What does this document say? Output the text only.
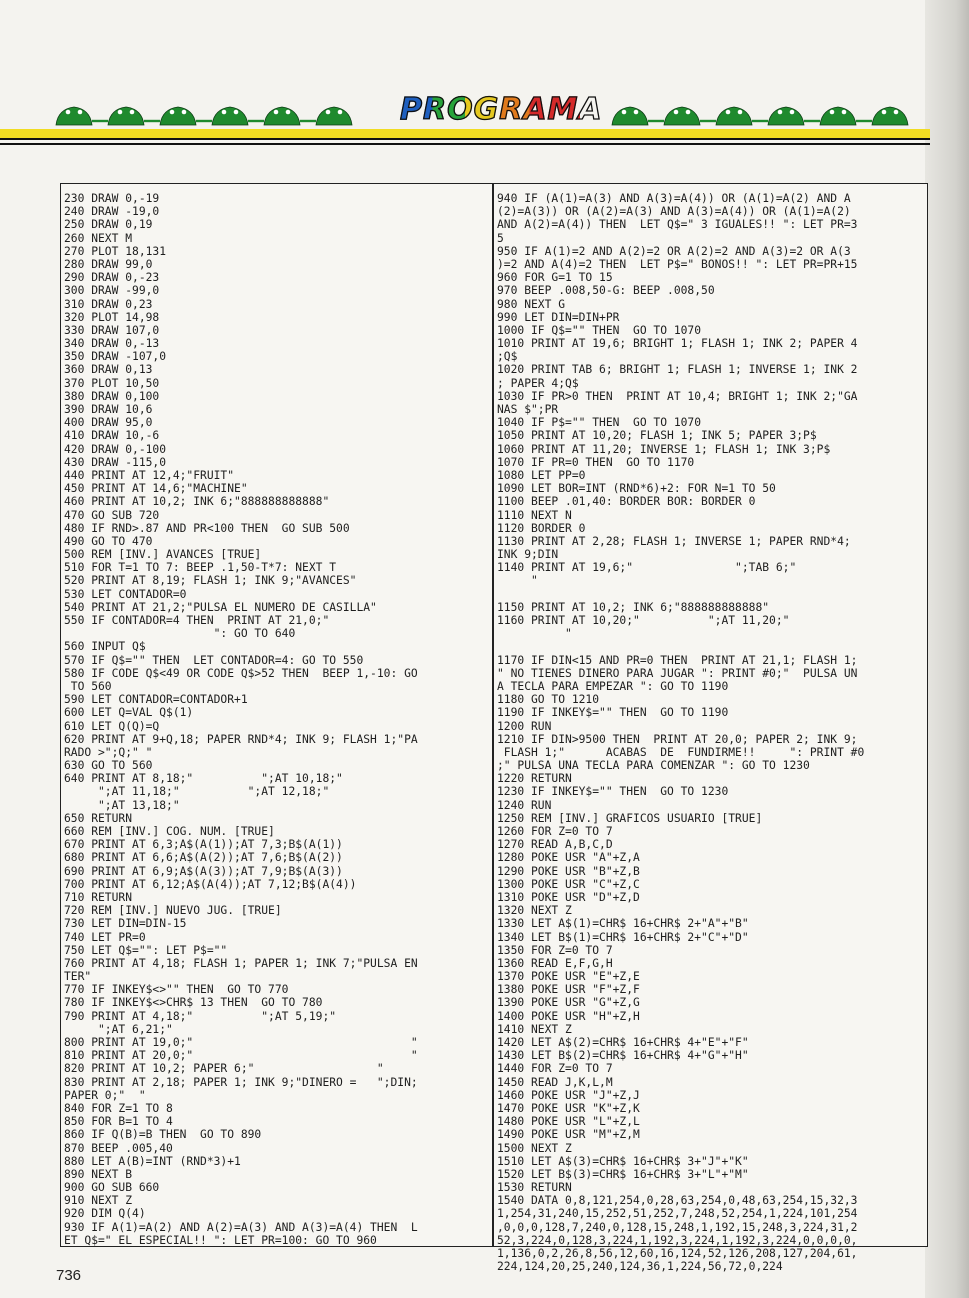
PROGRAMA
230 DRAW 0,-19
240 DRAW -19,0
250 DRAW 0,19
260 NEXT M
270 PLOT 18,131
280 DRAW 99,0
290 DRAW 0,-23
300 DRAW -99,0
310 DRAW 0,23
320 PLOT 14,98
330 DRAW 107,0
340 DRAW 0,-13
350 DRAW -107,0
360 DRAW 0,13
370 PLOT 10,50
380 DRAW 0,100
390 DRAW 10,6
400 DRAW 95,0
410 DRAW 10,-6
420 DRAW 0,-100
430 DRAW -115,0
440 PRINT AT 12,4;"FRUIT"
450 PRINT AT 14,6;"MACHINE"
460 PRINT AT 10,2; INK 6;"888888888888"
470 GO SUB 720
480 IF RND>.87 AND PR<100 THEN  GO SUB 500
490 GO TO 470
500 REM [INV.] AVANCES [TRUE]
510 FOR T=1 TO 7: BEEP .1,50-T*7: NEXT T
520 PRINT AT 8,19; FLASH 1; INK 9;"AVANCES"
530 LET CONTADOR=0
540 PRINT AT 21,2;"PULSA EL NUMERO DE CASILLA"
550 IF CONTADOR=4 THEN  PRINT AT 21,0;"
": GO TO 640
560 INPUT Q$
570 IF Q$="" THEN  LET CONTADOR=4: GO TO 550
580 IF CODE Q$<49 OR CODE Q$>52 THEN  BEEP 1,-10: GO
TO 560
590 LET CONTADOR=CONTADOR+1
600 LET Q=VAL Q$(1)
610 LET Q(Q)=Q
620 PRINT AT 9+Q,18; PAPER RND*4; INK 9; FLASH 1;"PA
RADO >";Q;" "
630 GO TO 560
640 PRINT AT 8,18;"          ";AT 10,18;"
";AT 11,18;"          ";AT 12,18;"
";AT 13,18;"
650 RETURN
660 REM [INV.] COG. NUM. [TRUE]
670 PRINT AT 6,3;A$(A(1));AT 7,3;B$(A(1))
680 PRINT AT 6,6;A$(A(2));AT 7,6;B$(A(2))
690 PRINT AT 6,9;A$(A(3));AT 7,9;B$(A(3))
700 PRINT AT 6,12;A$(A(4));AT 7,12;B$(A(4))
710 RETURN
720 REM [INV.] NUEVO JUG. [TRUE]
730 LET DIN=DIN-15
740 LET PR=0
750 LET Q$="": LET P$=""
760 PRINT AT 4,18; FLASH 1; PAPER 1; INK 7;"PULSA EN
TER"
770 IF INKEY$<>"" THEN  GO TO 770
780 IF INKEY$<>CHR$ 13 THEN  GO TO 780
790 PRINT AT 4,18;"          ";AT 5,19;"
";AT 6,21;"
800 PRINT AT 19,0;"                                "
810 PRINT AT 20,0;"                                "
820 PRINT AT 10,2; PAPER 6;"                  "
830 PRINT AT 2,18; PAPER 1; INK 9;"DINERO =   ";DIN;
PAPER 0;"  "
840 FOR Z=1 TO 8
850 FOR B=1 TO 4
860 IF Q(B)=B THEN  GO TO 890
870 BEEP .005,40
880 LET A(B)=INT (RND*3)+1
890 NEXT B
900 GO SUB 660
910 NEXT Z
920 DIM Q(4)
930 IF A(1)=A(2) AND A(2)=A(3) AND A(3)=A(4) THEN  L
ET Q$=" EL ESPECIAL!! ": LET PR=100: GO TO 960
940 IF (A(1)=A(3) AND A(3)=A(4)) OR (A(1)=A(2) AND A
(2)=A(3)) OR (A(2)=A(3) AND A(3)=A(4)) OR (A(1)=A(2)
AND A(2)=A(4)) THEN  LET Q$=" 3 IGUALES!! ": LET PR=3
5
950 IF A(1)=2 AND A(2)=2 OR A(2)=2 AND A(3)=2 OR A(3
)=2 AND A(4)=2 THEN  LET P$=" BONOS!! ": LET PR=PR+15
960 FOR G=1 TO 15
970 BEEP .008,50-G: BEEP .008,50
980 NEXT G
990 LET DIN=DIN+PR
1000 IF Q$="" THEN  GO TO 1070
1010 PRINT AT 19,6; BRIGHT 1; FLASH 1; INK 2; PAPER 4
;Q$
1020 PRINT TAB 6; BRIGHT 1; FLASH 1; INVERSE 1; INK 2
; PAPER 4;Q$
1030 IF PR>0 THEN  PRINT AT 10,4; BRIGHT 1; INK 2;"GA
NAS $";PR
1040 IF P$="" THEN  GO TO 1070
1050 PRINT AT 10,20; FLASH 1; INK 5; PAPER 3;P$
1060 PRINT AT 11,20; INVERSE 1; FLASH 1; INK 3;P$
1070 IF PR=0 THEN  GO TO 1170
1080 LET PP=0
1090 LET BOR=INT (RND*6)+2: FOR N=1 TO 50
1100 BEEP .01,40: BORDER BOR: BORDER 0
1110 NEXT N
1120 BORDER 0
1130 PRINT AT 2,28; FLASH 1; INVERSE 1; PAPER RND*4;
INK 9;DIN
1140 PRINT AT 19,6;"               ";TAB 6;"
"
1150 PRINT AT 10,2; INK 6;"888888888888"
1160 PRINT AT 10,20;"          ";AT 11,20;"
"
1170 IF DIN<15 AND PR=0 THEN  PRINT AT 21,1; FLASH 1;
" NO TIENES DINERO PARA JUGAR ": PRINT #0;"  PULSA UN
A TECLA PARA EMPEZAR ": GO TO 1190
1180 GO TO 1210
1190 IF INKEY$="" THEN  GO TO 1190
1200 RUN
1210 IF DIN>9500 THEN  PRINT AT 20,0; PAPER 2; INK 9;
FLASH 1;"      ACABAS  DE  FUNDIRME!!     ": PRINT #0
;" PULSA UNA TECLA PARA COMENZAR ": GO TO 1230
1220 RETURN
1230 IF INKEY$="" THEN  GO TO 1230
1240 RUN
1250 REM [INV.] GRAFICOS USUARIO [TRUE]
1260 FOR Z=0 TO 7
1270 READ A,B,C,D
1280 POKE USR "A"+Z,A
1290 POKE USR "B"+Z,B
1300 POKE USR "C"+Z,C
1310 POKE USR "D"+Z,D
1320 NEXT Z
1330 LET A$(1)=CHR$ 16+CHR$ 2+"A"+"B"
1340 LET B$(1)=CHR$ 16+CHR$ 2+"C"+"D"
1350 FOR Z=0 TO 7
1360 READ E,F,G,H
1370 POKE USR "E"+Z,E
1380 POKE USR "F"+Z,F
1390 POKE USR "G"+Z,G
1400 POKE USR "H"+Z,H
1410 NEXT Z
1420 LET A$(2)=CHR$ 16+CHR$ 4+"E"+"F"
1430 LET B$(2)=CHR$ 16+CHR$ 4+"G"+"H"
1440 FOR Z=0 TO 7
1450 READ J,K,L,M
1460 POKE USR "J"+Z,J
1470 POKE USR "K"+Z,K
1480 POKE USR "L"+Z,L
1490 POKE USR "M"+Z,M
1500 NEXT Z
1510 LET A$(3)=CHR$ 16+CHR$ 3+"J"+"K"
1520 LET B$(3)=CHR$ 16+CHR$ 3+"L"+"M"
1530 RETURN
1540 DATA 0,8,121,254,0,28,63,254,0,48,63,254,15,32,3
1,254,31,240,15,252,51,252,7,248,52,254,1,224,101,254
,0,0,0,128,7,240,0,128,15,248,1,192,15,248,3,224,31,2
52,3,224,0,128,3,224,1,192,3,224,1,192,3,224,0,0,0,0,
1,136,0,2,26,8,56,12,60,16,124,52,126,208,127,204,61,
224,124,20,25,240,124,36,1,224,56,72,0,224
736
